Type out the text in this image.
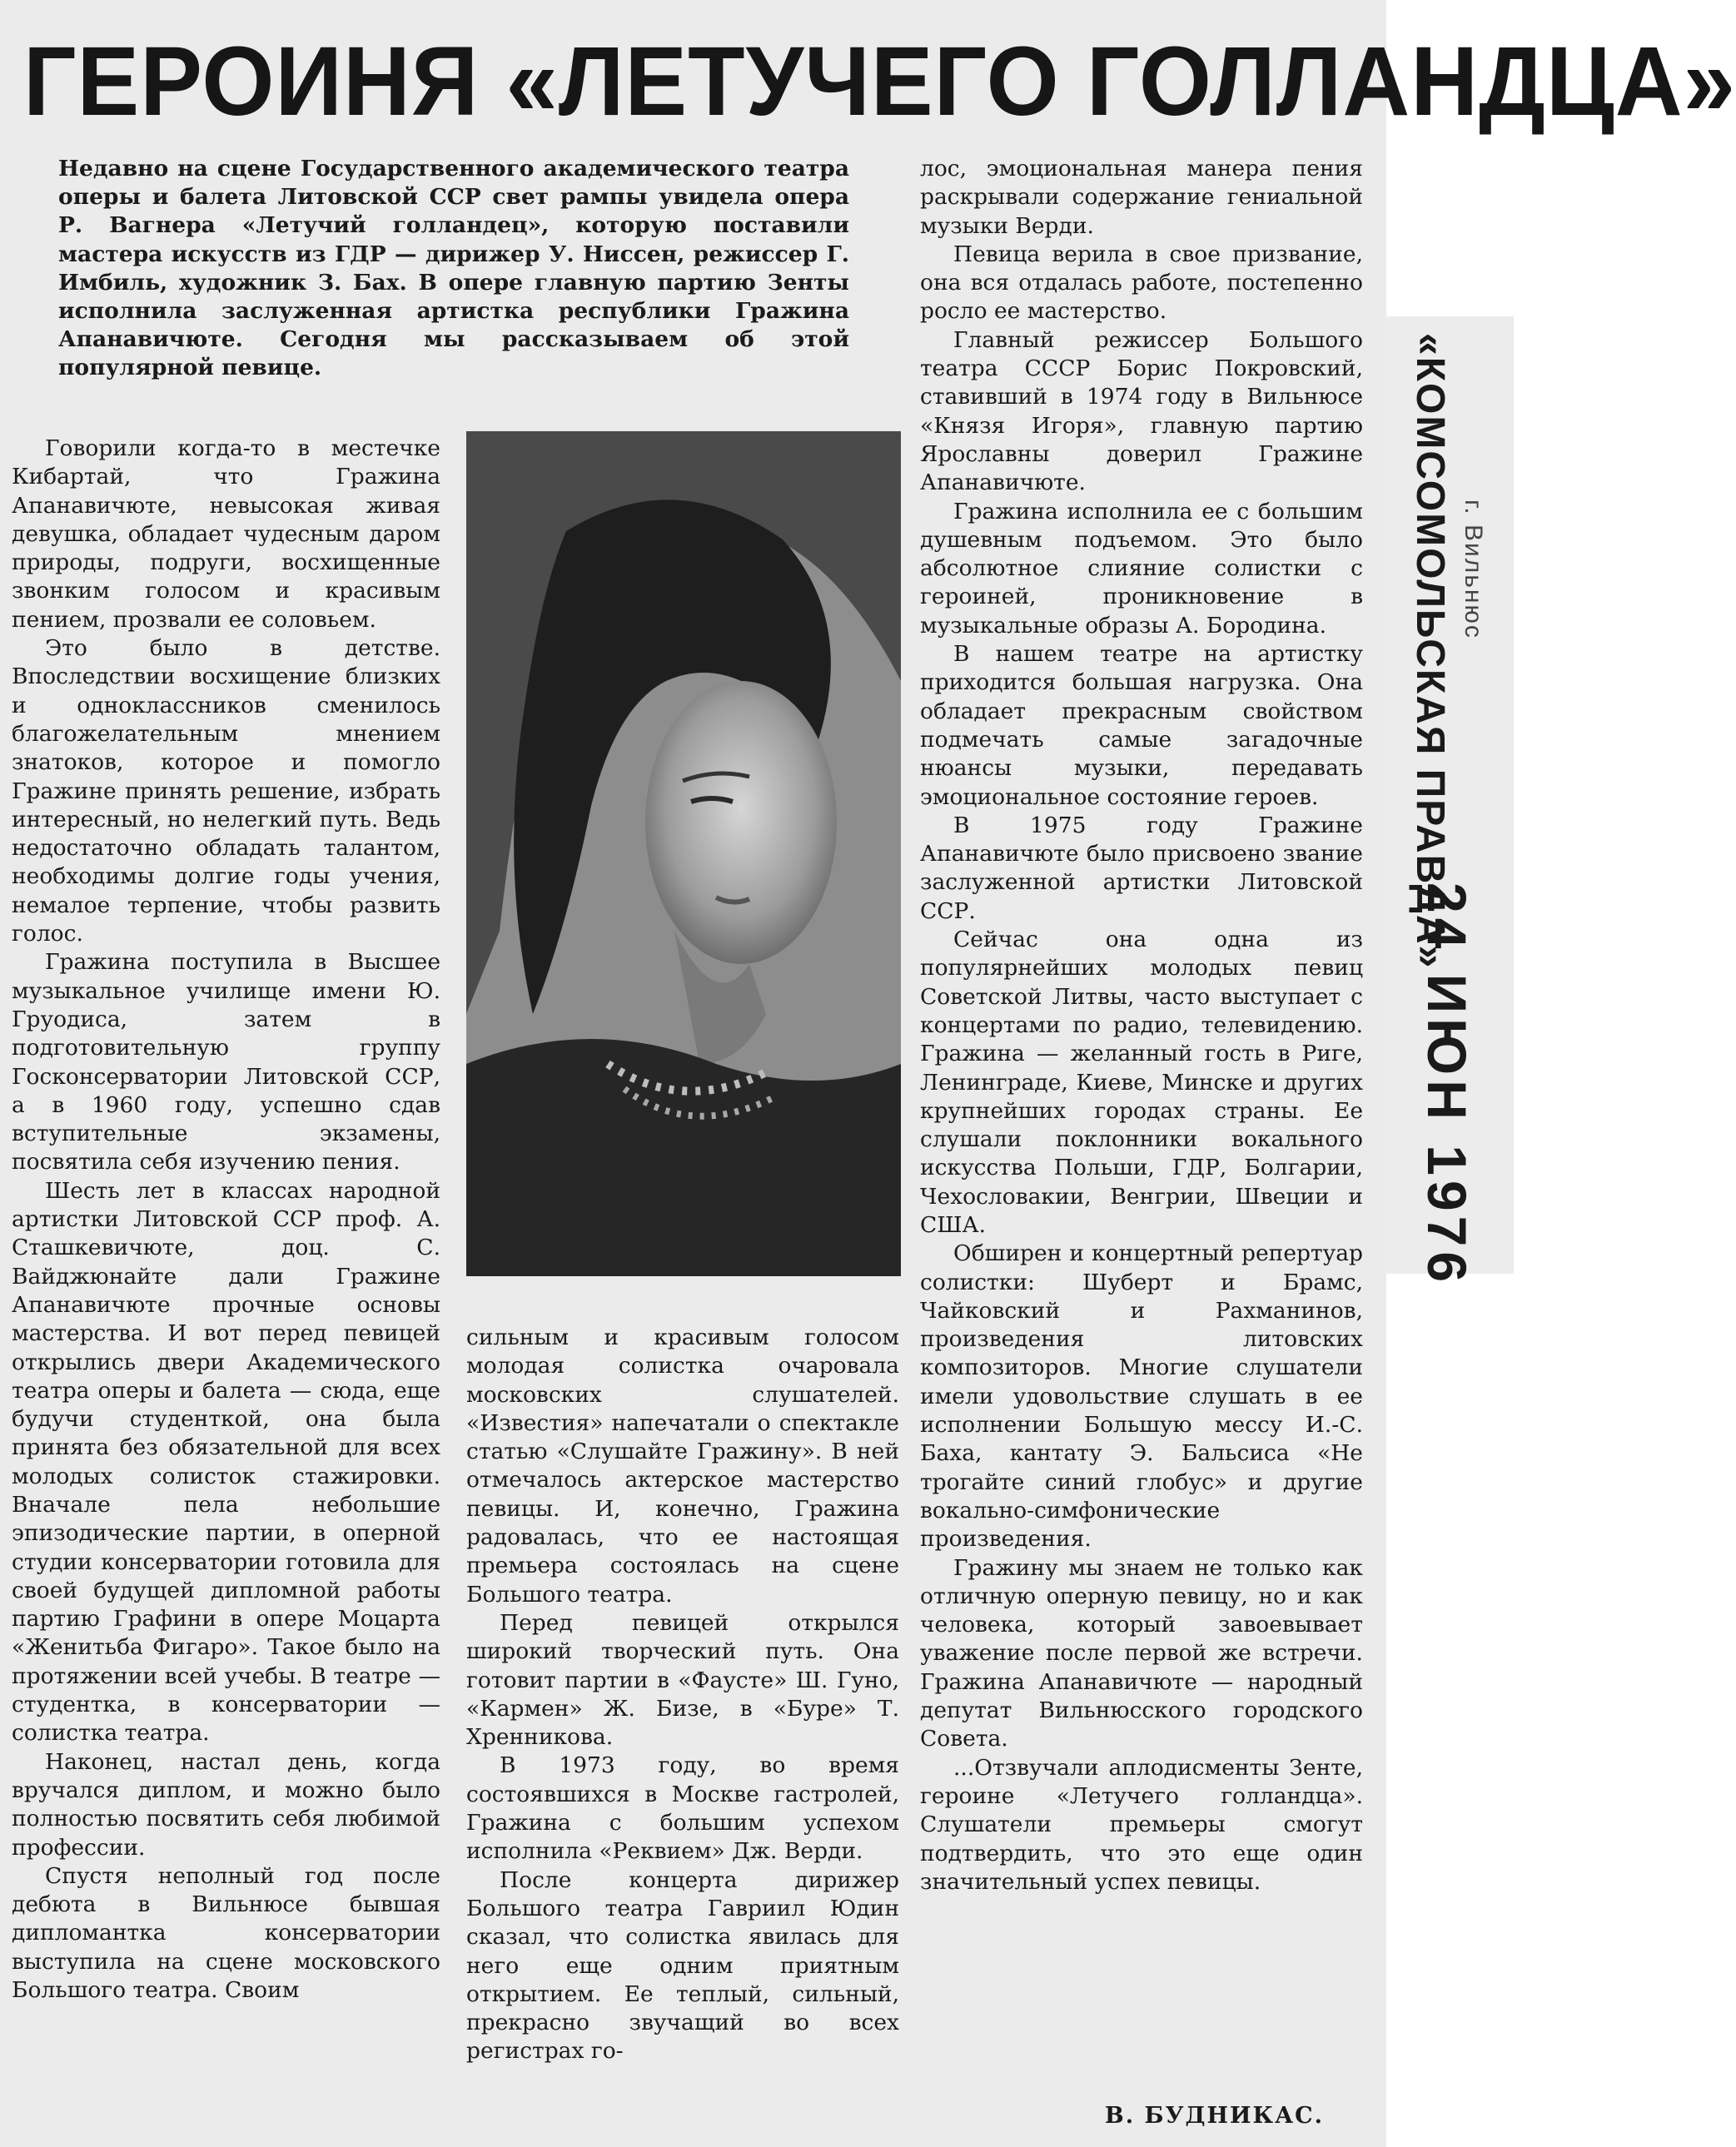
ГЕРОИНЯ «ЛЕТУЧЕГО ГОЛЛАНДЦА»
Недавно на сцене Государственного академического театра оперы и балета Литовской ССР свет рампы увидела опера Р. Вагнера «Летучий голландец», которую поставили мастера искусств из ГДР — дирижер У. Ниссен, режиссер Г. Имбиль, художник З. Бах. В опере главную партию Зенты исполнила заслуженная артистка республики Гражина Апанавичюте. Сегодня мы рассказываем об этой популярной певице.

Говорили когда-то в местечке Кибартай, что Гражина Апанавичюте, невысокая живая девушка, обладает чудесным даром природы, подруги, восхищенные звонким голосом и красивым пением, прозвали ее соловьем.

Это было в детстве. Впоследствии восхищение близких и одноклассников сменилось благожелательным мнением знатоков, которое и помогло Гражине принять решение, избрать интересный, но нелегкий путь. Ведь недостаточно обладать талантом, необходимы долгие годы учения, немалое терпение, чтобы развить голос.

Гражина поступила в Высшее музыкальное училище имени Ю. Груодиса, затем в подготовительную группу Госконсерватории Литовской ССР, а в 1960 году, успешно сдав вступительные экзамены, посвятила себя изучению пения.

Шесть лет в классах народной артистки Литовской ССР проф. А. Сташкевичюте, доц. С. Вайджюнайте дали Гражине Апанавичюте прочные основы мастерства. И вот перед певицей открылись двери Академического театра оперы и балета — сюда, еще будучи студенткой, она была принята без обязательной для всех молодых солисток стажировки. Вначале пела небольшие эпизодические партии, в оперной студии консерватории готовила для своей будущей дипломной работы партию Графини в опере Моцарта «Женитьба Фигаро». Такое было на протяжении всей учебы. В театре — студентка, в консерватории — солистка театра.

Наконец, настал день, когда вручался диплом, и можно было полностью посвятить себя любимой профессии.

Спустя неполный год после дебюта в Вильнюсе бывшая дипломантка консерватории выступила на сцене московского Большого театра. Своим

сильным и красивым голосом молодая солистка очаровала московских слушателей. «Известия» напечатали о спектакле статью «Слушайте Гражину». В ней отмечалось актерское мастерство певицы. И, конечно, Гражина радовалась, что ее настоящая премьера состоялась на сцене Большого театра.

Перед певицей открылся широкий творческий путь. Она готовит партии в «Фаусте» Ш. Гуно, «Кармен» Ж. Бизе, в «Буре» Т. Хренникова.

В 1973 году, во время состоявшихся в Москве гастролей, Гражина с большим успехом исполнила «Реквием» Дж. Верди.

После концерта дирижер Большого театра Гавриил Юдин сказал, что солистка явилась для него еще одним приятным открытием. Ее теплый, сильный, прекрасно звучащий во всех регистрах го-

лос, эмоциональная манера пения раскрывали содержание гениальной музыки Верди.

Певица верила в свое призвание, она вся отдалась работе, постепенно росло ее мастерство.

Главный режиссер Большого театра СССР Борис Покровский, ставивший в 1974 году в Вильнюсе «Князя Игоря», главную партию Ярославны доверил Гражине Апанавичюте.

Гражина исполнила ее с большим душевным подъемом. Это было абсолютное слияние солистки с героиней, проникновение в музыкальные образы А. Бородина.

В нашем театре на артистку приходится большая нагрузка. Она обладает прекрасным свойством подмечать самые загадочные нюансы музыки, передавать эмоциональное состояние героев.

В 1975 году Гражине Апанавичюте было присвоено звание заслуженной артистки Литовской ССР.

Сейчас она одна из популярнейших молодых певиц Советской Литвы, часто выступает с концертами по радио, телевидению. Гражина — желанный гость в Риге, Ленинграде, Киеве, Минске и других крупнейших городах страны. Ее слушали поклонники вокального искусства Польши, ГДР, Болгарии, Чехословакии, Венгрии, Швеции и США.

Обширен и концертный репертуар солистки: Шуберт и Брамс, Чайковский и Рахманинов, произведения литовских композиторов. Многие слушатели имели удовольствие слушать в ее исполнении Большую мессу И.-С. Баха, кантату Э. Бальсиса «Не трогайте синий глобус» и другие вокально-симфонические произведения.

Гражину мы знаем не только как отличную оперную певицу, но и как человека, который завоевывает уважение после первой же встречи. Гражина Апанавичюте — народный депутат Вильнюсского городского Совета.

...Отзвучали аплодисменты Зенте, героине «Летучего голландца». Слушатели премьеры смогут подтвердить, что это еще один значительный успех певицы.

В. БУДНИКАС.
«КОМСОМОЛЬСКАЯ ПРАВДА» г. Вильнюс
24 ИЮН 1976
